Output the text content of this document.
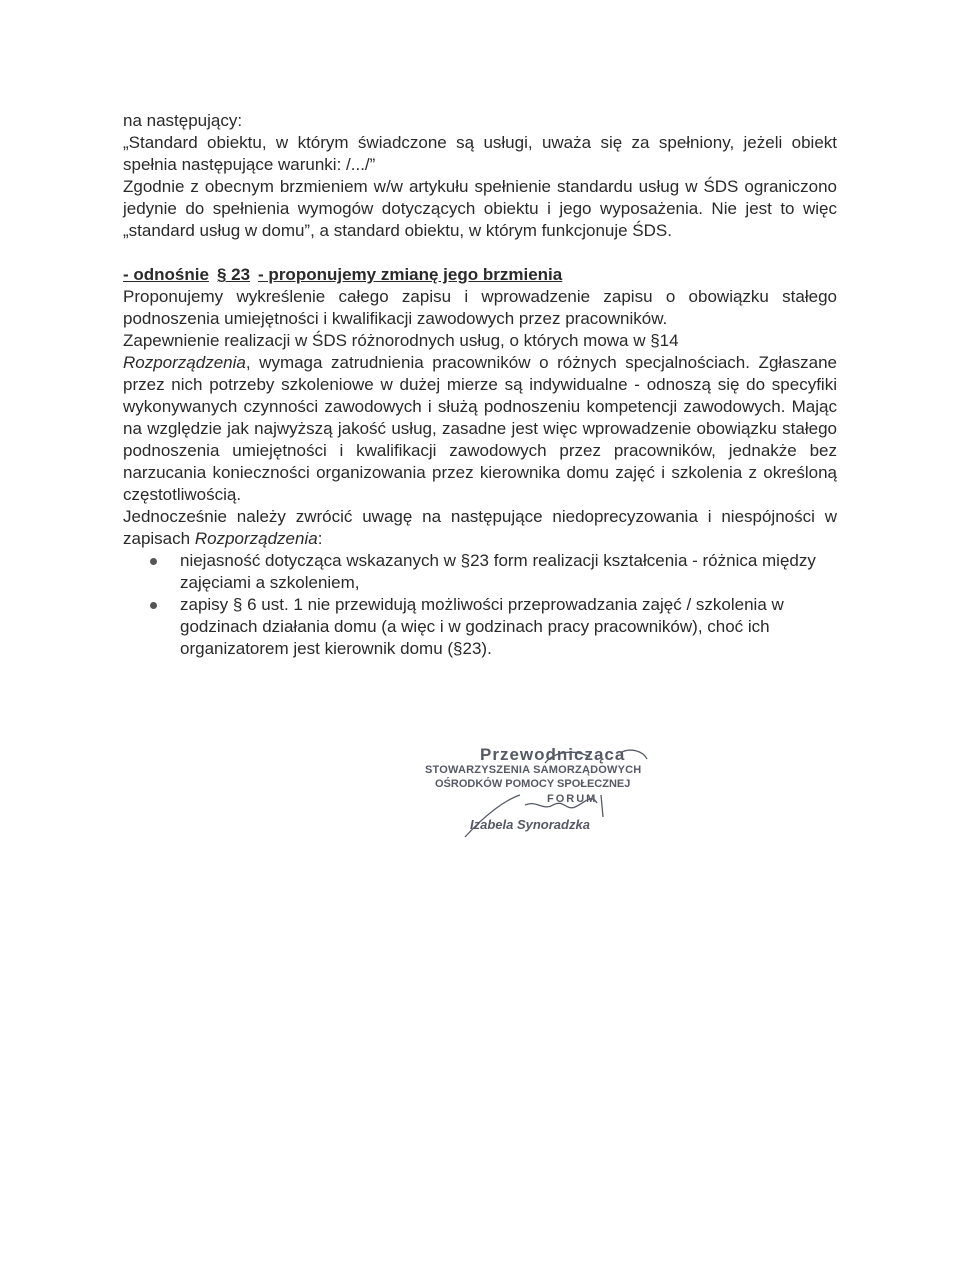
na następujący:

„Standard obiektu, w którym świadczone są usługi, uważa się za spełniony, jeżeli obiekt spełnia następujące warunki: /.../”

Zgodnie z obecnym brzmieniem w/w artykułu spełnienie standardu usług w ŚDS ograniczono jedynie do spełnienia wymogów dotyczących obiektu i jego wyposażenia. Nie jest to więc „standard usług w domu”, a standard obiektu, w którym funkcjonuje ŚDS.

- odnośnie § 23 - proponujemy zmianę jego brzmienia

Proponujemy wykreślenie całego zapisu i wprowadzenie zapisu o obowiązku stałego podnoszenia umiejętności i kwalifikacji zawodowych przez pracowników.

Zapewnienie realizacji w ŚDS różnorodnych usług, o których mowa w §14
Rozporządzenia, wymaga zatrudnienia pracowników o różnych specjalnościach. Zgłaszane przez nich potrzeby szkoleniowe w dużej mierze są indywidualne - odnoszą się do specyfiki wykonywanych czynności zawodowych i służą podnoszeniu kompetencji zawodowych. Mając na względzie jak najwyższą jakość usług, zasadne jest więc wprowadzenie obowiązku stałego podnoszenia umiejętności i kwalifikacji zawodowych przez pracowników, jednakże bez narzucania konieczności organizowania przez kierownika domu zajęć i szkolenia z określoną częstotliwością.

Jednocześnie należy zwrócić uwagę na następujące niedoprecyzowania i niespójności w zapisach Rozporządzenia:

niejasność dotycząca wskazanych w §23 form realizacji kształcenia - różnica między zajęciami a szkoleniem,
zapisy § 6 ust. 1 nie przewidują możliwości przeprowadzania zajęć / szkolenia w godzinach działania domu (a więc i w godzinach pracy pracowników), choć ich organizatorem jest kierownik domu (§23).
Przewodnicząca
STOWARZYSZENIA SAMORZĄDOWYCH
OŚRODKÓW POMOCY SPOŁECZNEJ
FORUM
Izabela Synoradzka
